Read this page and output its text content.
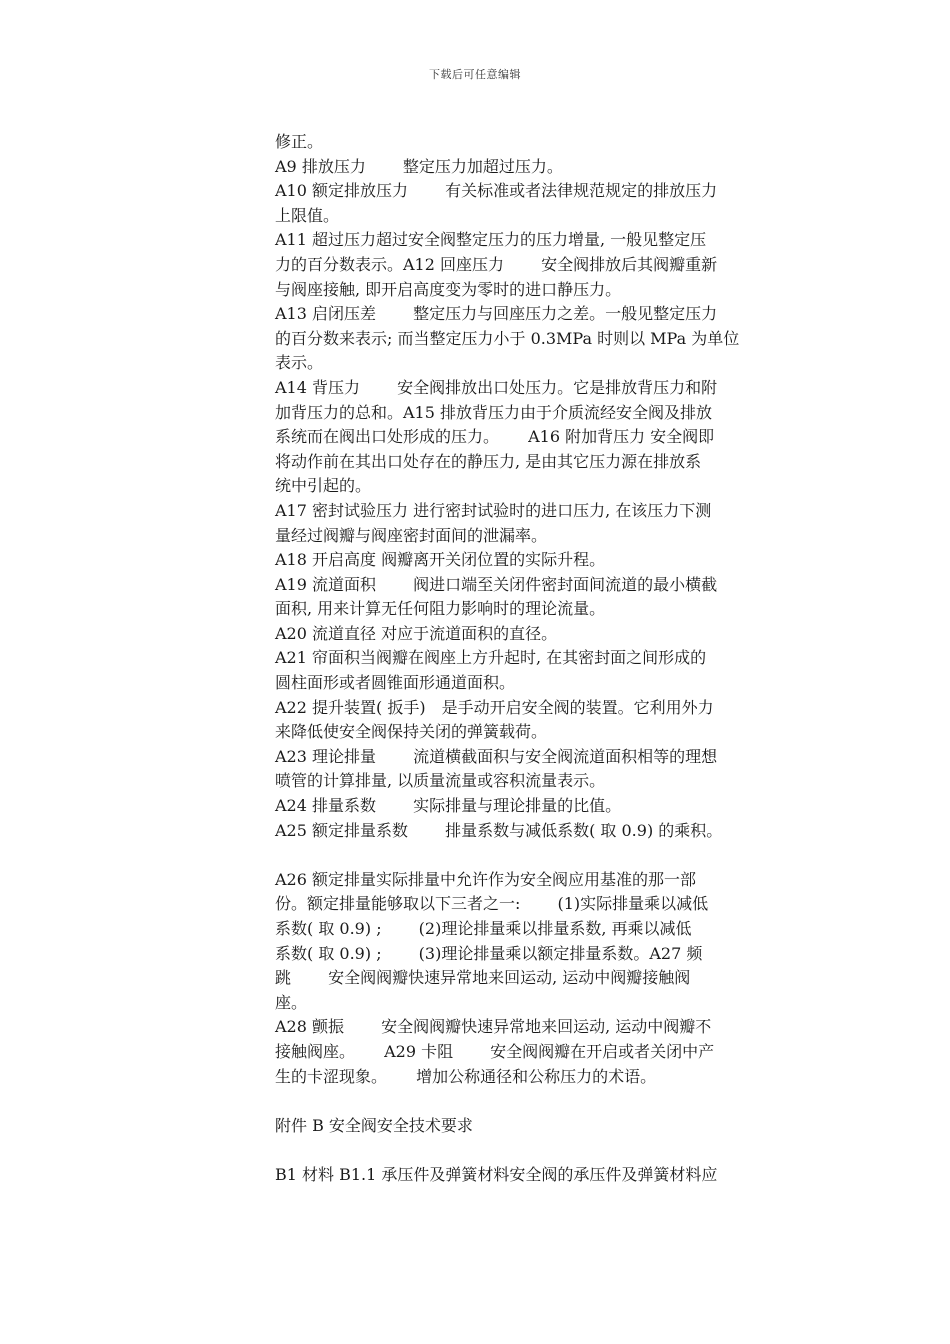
下载后可任意编辑
修正。
A9 排放压力　　 整定压力加超过压力。
A10 额定排放压力　　 有关标准或者法律规范规定的排放压力
上限值。
A11 超过压力超过安全阀整定压力的压力增量, 一般见整定压
力的百分数表示。A12 回座压力　　 安全阀排放后其阀瓣重新
与阀座接触, 即开启高度变为零时的进口静压力。
A13 启闭压差　　 整定压力与回座压力之差。一般见整定压力
的百分数来表示; 而当整定压力小于 0.3MPa 时则以 MPa 为单位
表示。
A14 背压力　　 安全阀排放出口处压力。它是排放背压力和附
加背压力的总和。A15 排放背压力由于介质流经安全阀及排放
系统而在阀出口处形成的压力。　　 A16 附加背压力 安全阀即
将动作前在其出口处存在的静压力, 是由其它压力源在排放系
统中引起的。
A17 密封试验压力 进行密封试验时的进口压力, 在该压力下测
量经过阀瓣与阀座密封面间的泄漏率。
A18 开启高度 阀瓣离开关闭位置的实际升程。
A19 流道面积　　 阀进口端至关闭件密封面间流道的最小横截
面积, 用来计算无任何阻力影响时的理论流量。
A20 流道直径 对应于流道面积的直径。
A21 帘面积当阀瓣在阀座上方升起时, 在其密封面之间形成的
圆柱面形或者圆锥面形通道面积。
A22 提升装置( 扳手)　是手动开启安全阀的装置。它利用外力
来降低使安全阀保持关闭的弹簧载荷。
A23 理论排量　　 流道横截面积与安全阀流道面积相等的理想
喷管的计算排量, 以质量流量或容积流量表示。
A24 排量系数　　 实际排量与理论排量的比值。
A25 额定排量系数　　 排量系数与减低系数( 取 0.9) 的乘积。
A26 额定排量实际排量中允许作为安全阀应用基准的那一部
份。额定排量能够取以下三者之一:　　 (1)实际排量乘以减低
系数( 取 0.9) ;　　 (2)理论排量乘以排量系数, 再乘以减低
系数( 取 0.9) ;　　 (3)理论排量乘以额定排量系数。A27 频
跳　　 安全阀阀瓣快速异常地来回运动, 运动中阀瓣接触阀
座。
A28 颤振　　 安全阀阀瓣快速异常地来回运动, 运动中阀瓣不
接触阀座。　　 A29 卡阻　　 安全阀阀瓣在开启或者关闭中产
生的卡涩现象。　　 增加公称通径和公称压力的术语。
附件 B 安全阀安全技术要求
B1 材料 B1.1 承压件及弹簧材料安全阀的承压件及弹簧材料应
